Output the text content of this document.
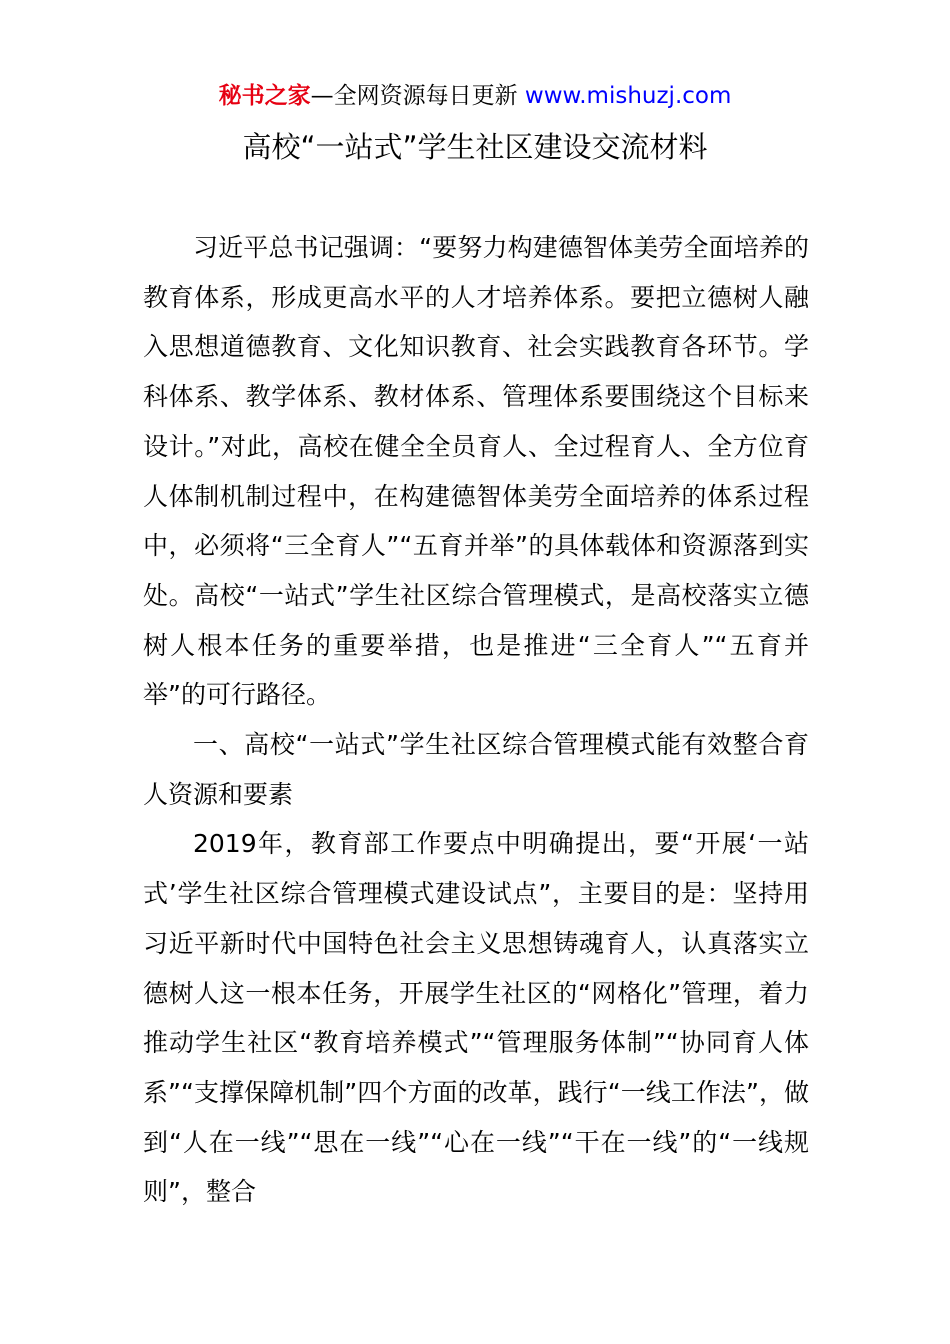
秘书之家—全网资源每日更新 www.mishuzj.com
高校“一站式”学生社区建设交流材料

习近平总书记强调：“要努力构建德智体美劳全面培养的教育体系，形成更高水平的人才培养体系。要把立德树人融入思想道德教育、文化知识教育、社会实践教育各环节。学科体系、教学体系、教材体系、管理体系要围绕这个目标来设计。”对此，高校在健全全员育人、全过程育人、全方位育人体制机制过程中，在构建德智体美劳全面培养的体系过程中，必须将“三全育人”“五育并举”的具体载体和资源落到实处。高校“一站式”学生社区综合管理模式，是高校落实立德树人根本任务的重要举措，也是推进“三全育人”“五育并举”的可行路径。

一、高校“一站式”学生社区综合管理模式能有效整合育人资源和要素

2019年，教育部工作要点中明确提出，要“开展‘一站式’学生社区综合管理模式建设试点”，主要目的是：坚持用习近平新时代中国特色社会主义思想铸魂育人，认真落实立德树人这一根本任务，开展学生社区的“网格化”管理，着力推动学生社区“教育培养模式”“管理服务体制”“协同育人体系”“支撑保障机制”四个方面的改革，践行“一线工作法”，做到“人在一线”“思在一线”“心在一线”“干在一线”的“一线规则”，整合
